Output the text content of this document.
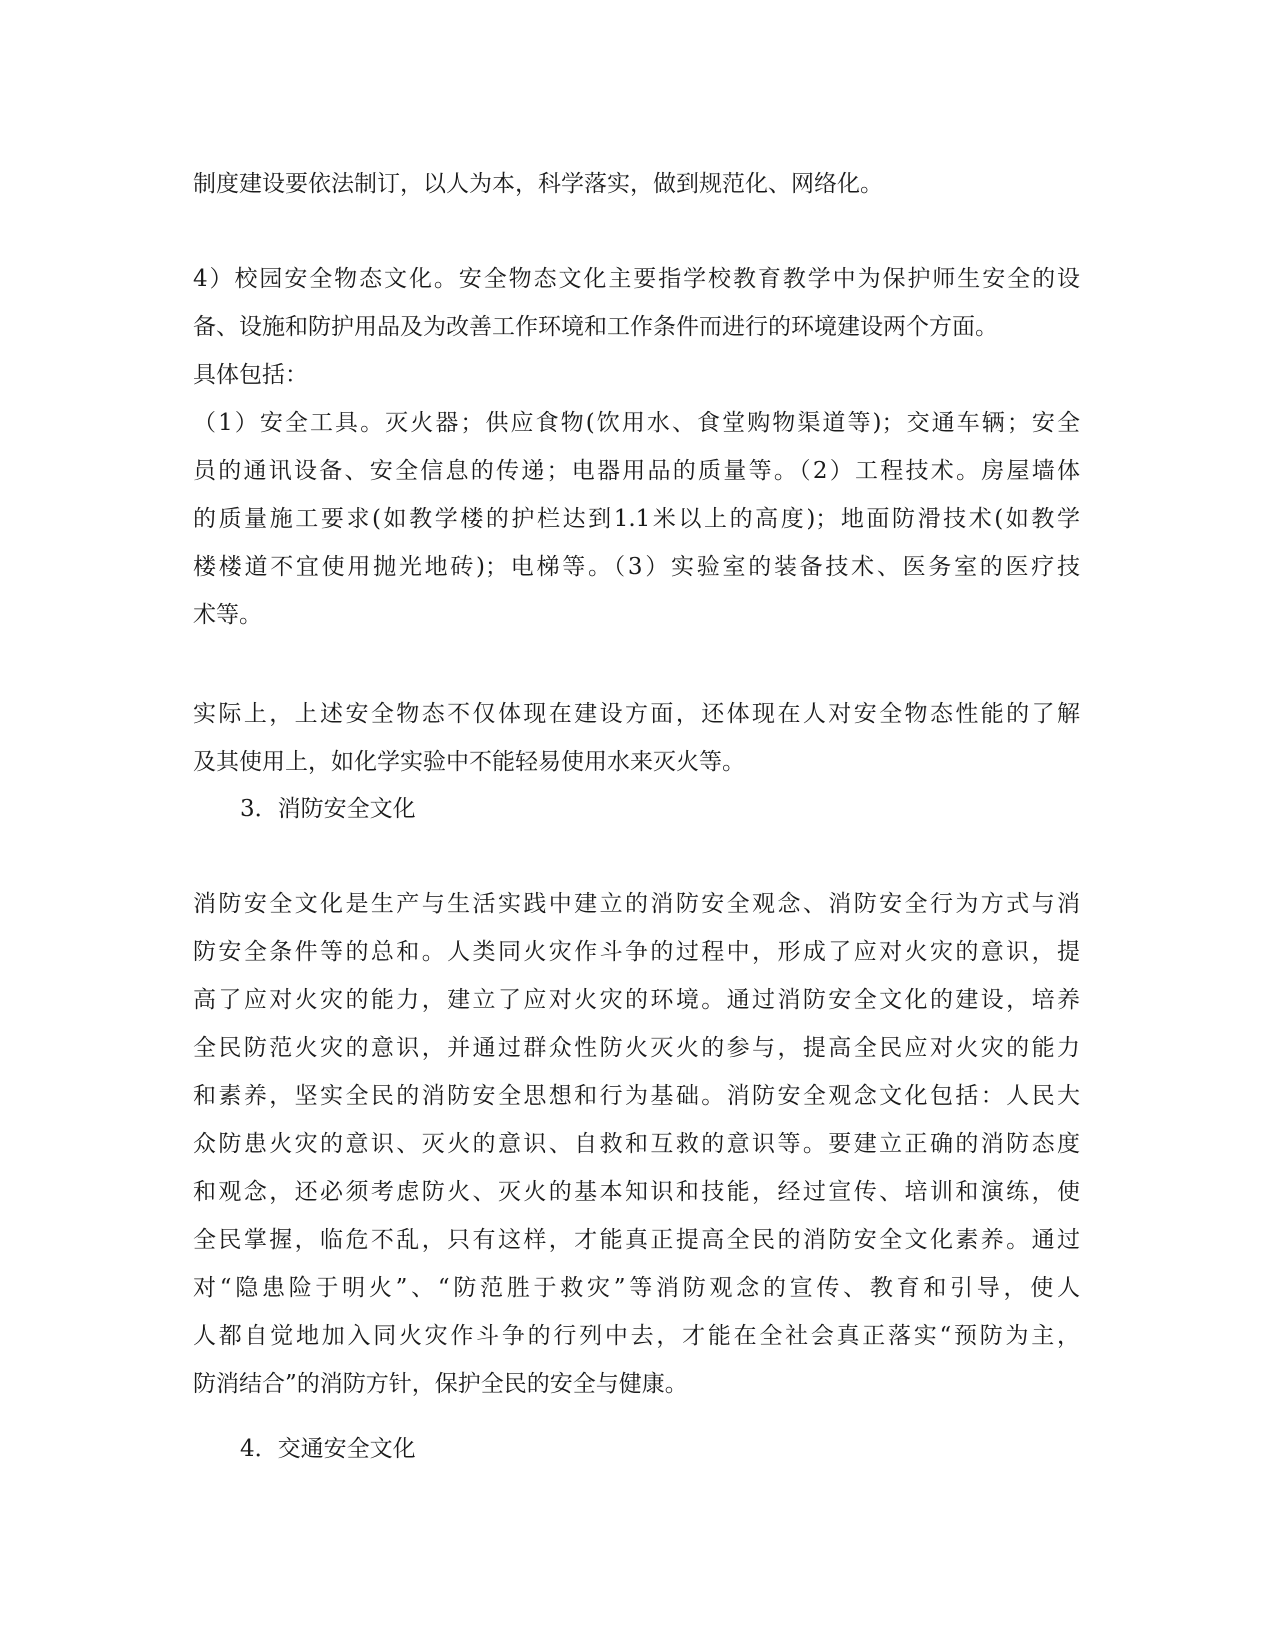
制度建设要依法制订，以人为本，科学落实，做到规范化、网络化。

4）校园安全物态文化。安全物态文化主要指学校教育教学中为保护师生安全的设
备、设施和防护用品及为改善工作环境和工作条件而进行的环境建设两个方面。
具体包括：
（1）安全工具。灭火器；供应食物(饮用水、食堂购物渠道等)；交通车辆；安全
员的通讯设备、安全信息的传递；电器用品的质量等。（2）工程技术。房屋墙体
的质量施工要求(如教学楼的护栏达到1.1米以上的高度)；地面防滑技术(如教学
楼楼道不宜使用抛光地砖)；电梯等。（3）实验室的装备技术、医务室的医疗技
术等。

实际上，上述安全物态不仅体现在建设方面，还体现在人对安全物态性能的了解
及其使用上，如化学实验中不能轻易使用水来灭火等。

3．消防安全文化

消防安全文化是生产与生活实践中建立的消防安全观念、消防安全行为方式与消
防安全条件等的总和。人类同火灾作斗争的过程中，形成了应对火灾的意识，提
高了应对火灾的能力，建立了应对火灾的环境。通过消防安全文化的建设，培养
全民防范火灾的意识，并通过群众性防火灭火的参与，提高全民应对火灾的能力
和素养，坚实全民的消防安全思想和行为基础。消防安全观念文化包括：人民大
众防患火灾的意识、灭火的意识、自救和互救的意识等。要建立正确的消防态度
和观念，还必须考虑防火、灭火的基本知识和技能，经过宣传、培训和演练，使
全民掌握，临危不乱，只有这样，才能真正提高全民的消防安全文化素养。通过
对“隐患险于明火”、“防范胜于救灾”等消防观念的宣传、教育和引导，使人
人都自觉地加入同火灾作斗争的行列中去，才能在全社会真正落实“预防为主，
防消结合”的消防方针，保护全民的安全与健康。

4．交通安全文化
